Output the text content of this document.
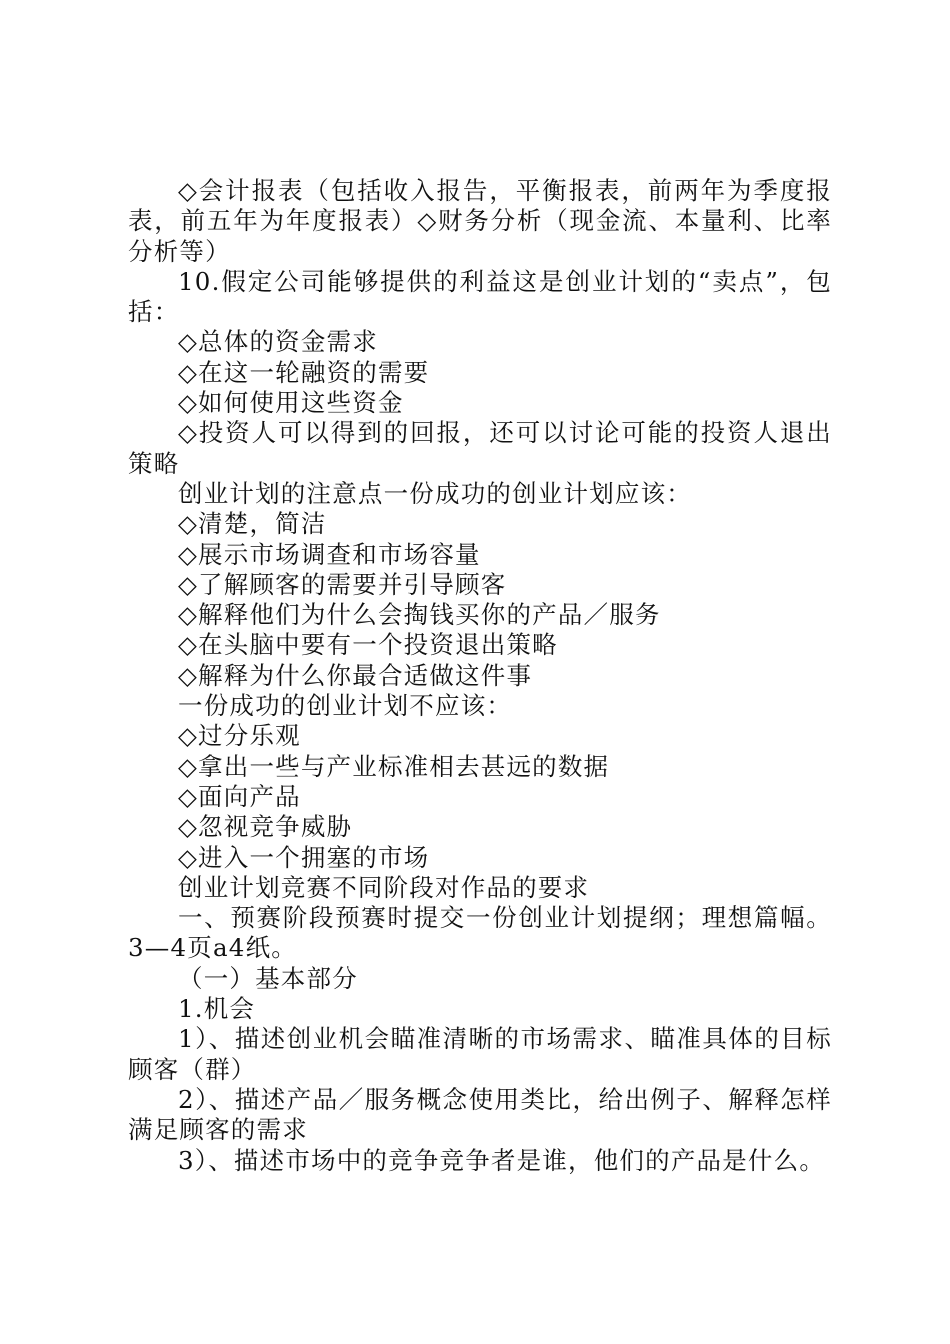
◇会计报表（包括收入报告，平衡报表，前两年为季度报表，前五年为年度报表）◇财务分析（现金流、本量利、比率分析等）

10.假定公司能够提供的利益这是创业计划的“卖点”，包括：

◇总体的资金需求

◇在这一轮融资的需要

◇如何使用这些资金

◇投资人可以得到的回报，还可以讨论可能的投资人退出策略

创业计划的注意点一份成功的创业计划应该：

◇清楚，简洁

◇展示市场调查和市场容量

◇了解顾客的需要并引导顾客

◇解释他们为什么会掏钱买你的产品／服务

◇在头脑中要有一个投资退出策略

◇解释为什么你最合适做这件事

一份成功的创业计划不应该：

◇过分乐观

◇拿出一些与产业标准相去甚远的数据

◇面向产品

◇忽视竞争威胁

◇进入一个拥塞的市场

创业计划竞赛不同阶段对作品的要求

一、预赛阶段预赛时提交一份创业计划提纲；理想篇幅。3—4页a4纸。

（一）基本部分

1.机会

1）、描述创业机会瞄准清晰的市场需求、瞄准具体的目标顾客（群）

2）、描述产品／服务概念使用类比，给出例子、解释怎样满足顾客的需求

3）、描述市场中的竞争竞争者是谁，他们的产品是什么。
